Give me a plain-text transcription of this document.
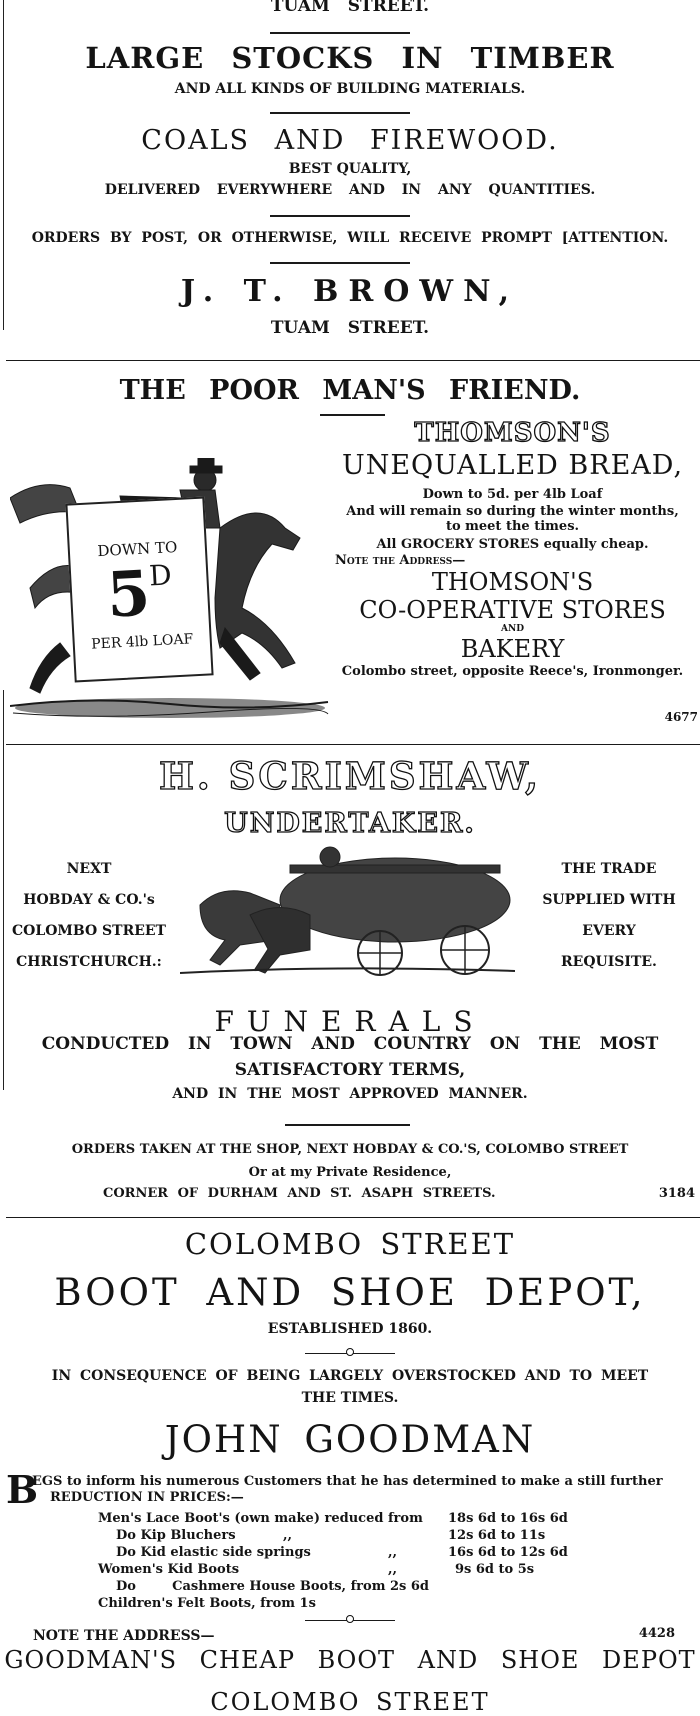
TUAM STREET.

LARGE STOCKS IN TIMBER

AND ALL KINDS OF BUILDING MATERIALS.

COALS AND FIREWOOD.

BEST QUALITY,

DELIVERED EVERYWHERE AND IN ANY QUANTITIES.

ORDERS BY POST, OR OTHERWISE, WILL RECEIVE PROMPT [ATTENTION.

J. T. BROWN,

TUAM STREET.

THE POOR MAN'S FRIEND.

DOWN TO
5D
PER 4lb LOAF

THOMSON'S

UNEQUALLED BREAD,

Down to 5d. per 4lb Loaf

And will remain so during the winter months,

to meet the times.

All GROCERY STORES equally cheap.

Note the Address—

THOMSON'S

CO-OPERATIVE STORES

AND

BAKERY

Colombo street, opposite Reece's, Ironmonger.

4677

H. SCRIMSHAW,

UNDERTAKER.

NEXT

HOBDAY & CO.'s

COLOMBO STREET

CHRISTCHURCH.:

THE TRADE

SUPPLIED WITH

EVERY

REQUISITE.

FUNERALS

CONDUCTED IN TOWN AND COUNTRY ON THE MOST

SATISFACTORY TERMS,

AND IN THE MOST APPROVED MANNER.

ORDERS TAKEN AT THE SHOP, NEXT HOBDAY & CO.'S, COLOMBO STREET

Or at my Private Residence,

CORNER OF DURHAM AND ST. ASAPH STREETS.	3184

COLOMBO STREET

BOOT AND SHOE DEPOT,

ESTABLISHED 1860.

IN CONSEQUENCE OF BEING LARGELY OVERSTOCKED AND TO MEET

THE TIMES.

JOHN GOODMAN

B

EGS to inform his numerous Customers that he has determined to make a still further

REDUCTION IN PRICES:—

Men's Lace Boot's (own make) reduced from 18s 6d to 16s 6d
Do Kip Bluchers	,,	12s 6d to 11s
Do Kid elastic side springs	,,	16s 6d to 12s 6d
Women's Kid Boots	,,	9s 6d to 5s
Do        Cashmere House Boots, from 2s 6d
Children's Felt Boots, from 1s

NOTE THE ADDRESS—	4428

GOODMAN'S CHEAP BOOT AND SHOE DEPOT

COLOMBO STREET
